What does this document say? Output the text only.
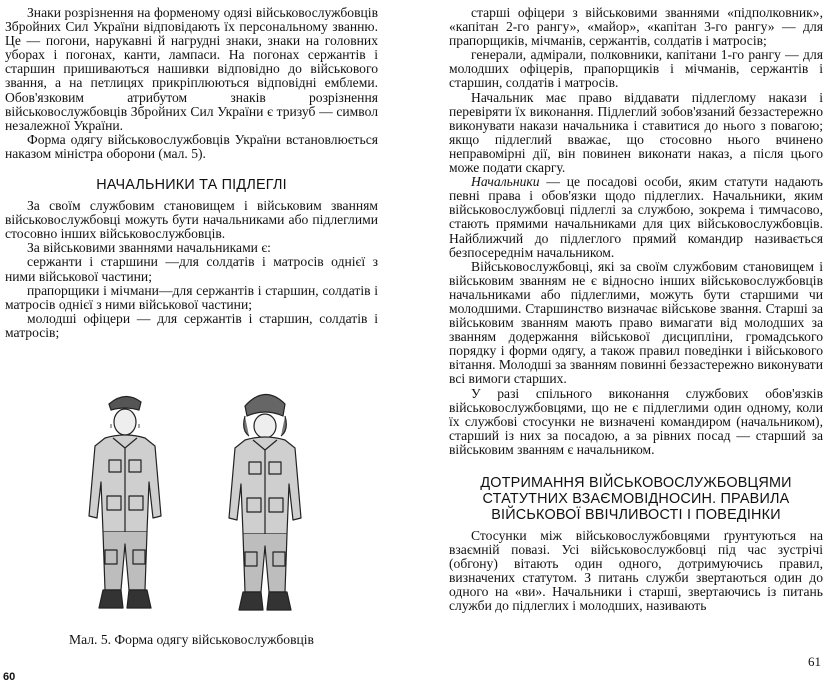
Знаки розрізнення на форменому одязі військовослужбовців Збройних Сил України відповідають їх персональному званню. Це — погони, нарукавні й нагрудні знаки, знаки на головних уборах і погонах, канти, лампаси. На погонах сержантів і старшин пришиваються нашивки відповідно до військового звання, а на петлицях прикріплюються відповідні емблеми. Обов'язковим атрибутом знаків розрізнення військовослужбовців Збройних Сил України є тризуб — символ незалежної України.

Форма одягу військовослужбовців України встановлюється наказом міністра оборони (мал. 5).

НАЧАЛЬНИКИ ТА ПІДЛЕГЛІ

За своїм службовим становищем і військовим званням військовослужбовці можуть бути начальниками або підлеглими стосовно інших військовослужбовців.

За військовими званнями начальниками є:

сержанти і старшини —для солдатів і матросів однієї з ними військової частини;

прапорщики і мічмани—для сержантів і старшин, солдатів і матросів однієї з ними військової частини;

молодші офіцери — для сержантів і старшин, солдатів і матросів;

Мал. 5. Форма одягу військовослужбовців
60

старші офіцери з військовими званнями «підполковник», «капітан 2-го рангу», «майор», «капітан 3-го рангу» — для прапорщиків, мічманів, сержантів, солдатів і матросів;

генерали, адмірали, полковники, капітани 1-го рангу — для молодших офіцерів, прапорщиків і мічманів, сержантів і старшин, солдатів і матросів.

Начальник має право віддавати підлеглому накази і перевіряти їх виконання. Підлеглий зобов'язаний беззастережно виконувати накази начальника і ставитися до нього з повагою; якщо підлеглий вважає, що стосовно нього вчинено неправомірні дії, він повинен виконати наказ, а після цього може подати скаргу.

Начальники — це посадові особи, яким статути надають певні права і обов'язки щодо підлеглих. Начальники, яким військовослужбовці підлеглі за службою, зокрема і тимчасово, стають прямими начальниками для цих військовослужбовців. Найближчий до підлеглого прямий командир називається безпосереднім начальником.

Військовослужбовці, які за своїм службовим становищем і військовим званням не є відносно інших військовослужбовців начальниками або підлеглими, можуть бути старшими чи молодшими. Старшинство визначає військове звання. Старші за військовим званням мають право вимагати від молодших за званням додержання військової дисципліни, громадського порядку і форми одягу, а також правил поведінки і військового вітання. Молодші за званням повинні беззастережно виконувати всі вимоги старших.

У разі спільного виконання службових обов'язків військовослужбовцями, що не є підлеглими один одному, коли їх службові стосунки не визначені командиром (начальником), старший із них за посадою, а за рівних посад — старший за військовим званням є начальником.

ДОТРИМАННЯ ВІЙСЬКОВОСЛУЖБОВЦЯМИ
СТАТУТНИХ ВЗАЄМОВІДНОСИН. ПРАВИЛА
ВІЙСЬКОВОЇ ВВІЧЛИВОСТІ І ПОВЕДІНКИ

Стосунки між військовослужбовцями ґрунтуються на взаємній повазі. Усі військовослужбовці під час зустрічі (обгону) вітають один одного, дотримуючись правил, визначених статутом. З питань служби звертаються один до одного на «ви». Начальники і старші, звертаючись із питань служби до підлеглих і молодших, називають

61
